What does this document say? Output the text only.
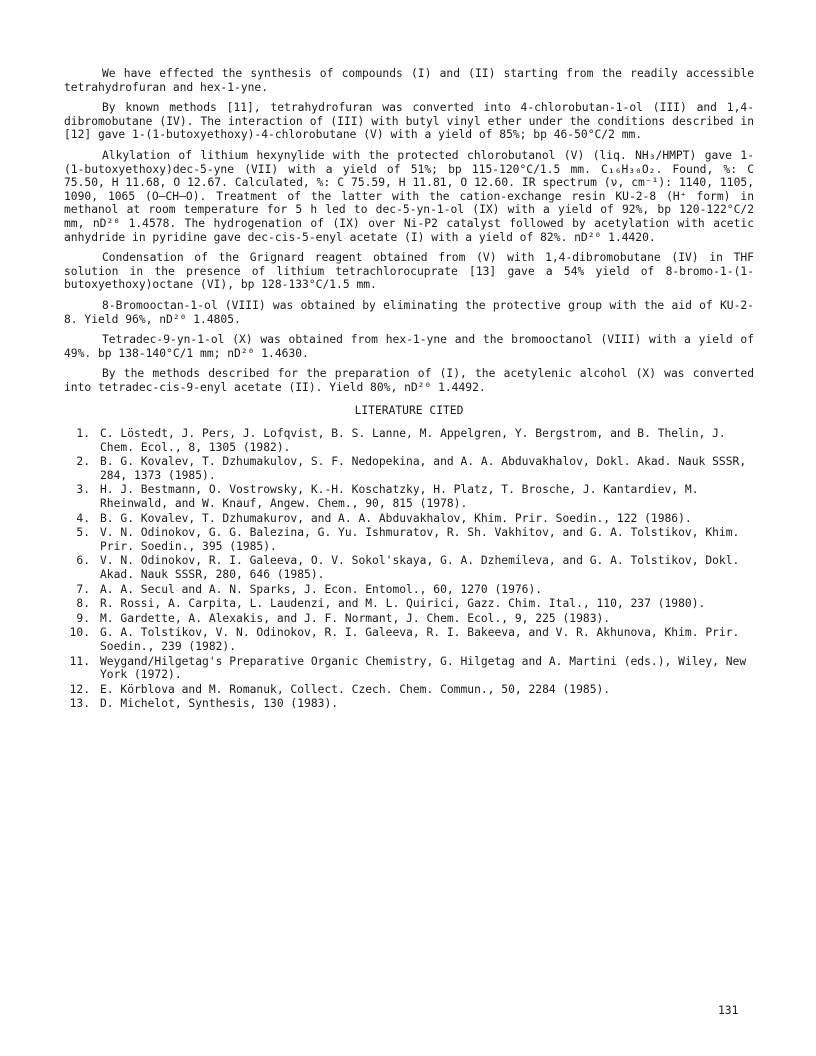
We have effected the synthesis of compounds (I) and (II) starting from the readily accessible tetrahydrofuran and hex-1-yne.

By known methods [11], tetrahydrofuran was converted into 4-chlorobutan-1-ol (III) and 1,4-dibromobutane (IV). The interaction of (III) with butyl vinyl ether under the conditions described in [12] gave 1-(1-butoxyethoxy)-4-chlorobutane (V) with a yield of 85%; bp 46-50°C/2 mm.

Alkylation of lithium hexynylide with the protected chlorobutanol (V) (liq. NH₃/HMPT) gave 1-(1-butoxyethoxy)dec-5-yne (VII) with a yield of 51%; bp 115-120°C/1.5 mm. C₁₆H₃₀O₂. Found, %: C 75.50, H 11.68, O 12.67. Calculated, %: C 75.59, H 11.81, O 12.60. IR spectrum (ν, cm⁻¹): 1140, 1105, 1090, 1065 (O–CH–O). Treatment of the latter with the cation-exchange resin KU-2-8 (H⁺ form) in methanol at room temperature for 5 h led to dec-5-yn-1-ol (IX) with a yield of 92%, bp 120-122°C/2 mm, nD²⁰ 1.4578. The hydrogenation of (IX) over Ni-P2 catalyst followed by acetylation with acetic anhydride in pyridine gave dec-cis-5-enyl acetate (I) with a yield of 82%. nD²⁰ 1.4420.

Condensation of the Grignard reagent obtained from (V) with 1,4-dibromobutane (IV) in THF solution in the presence of lithium tetrachlorocuprate [13] gave a 54% yield of 8-bromo-1-(1-butoxyethoxy)octane (VI), bp 128-133°C/1.5 mm.

8-Bromooctan-1-ol (VIII) was obtained by eliminating the protective group with the aid of KU-2-8. Yield 96%, nD²⁰ 1.4805.

Tetradec-9-yn-1-ol (X) was obtained from hex-1-yne and the bromooctanol (VIII) with a yield of 49%. bp 138-140°C/1 mm; nD²⁰ 1.4630.

By the methods described for the preparation of (I), the acetylenic alcohol (X) was converted into tetradec-cis-9-enyl acetate (II). Yield 80%, nD²⁰ 1.4492.

LITERATURE CITED
1. C. Löstedt, J. Pers, J. Lofqvist, B. S. Lanne, M. Appelgren, Y. Bergstrom, and B. Thelin, J. Chem. Ecol., 8, 1305 (1982).
2. B. G. Kovalev, T. Dzhumakulov, S. F. Nedopekina, and A. A. Abduvakhalov, Dokl. Akad. Nauk SSSR, 284, 1373 (1985).
3. H. J. Bestmann, O. Vostrowsky, K.-H. Koschatzky, H. Platz, T. Brosche, J. Kantardiev, M. Rheinwald, and W. Knauf, Angew. Chem., 90, 815 (1978).
4. B. G. Kovalev, T. Dzhumakurov, and A. A. Abduvakhalov, Khim. Prir. Soedin., 122 (1986).
5. V. N. Odinokov, G. G. Balezina, G. Yu. Ishmuratov, R. Sh. Vakhitov, and G. A. Tolstikov, Khim. Prir. Soedin., 395 (1985).
6. V. N. Odinokov, R. I. Galeeva, O. V. Sokol'skaya, G. A. Dzhemileva, and G. A. Tolstikov, Dokl. Akad. Nauk SSSR, 280, 646 (1985).
7. A. A. Secul and A. N. Sparks, J. Econ. Entomol., 60, 1270 (1976).
8. R. Rossi, A. Carpita, L. Laudenzi, and M. L. Quirici, Gazz. Chim. Ital., 110, 237 (1980).
9. M. Gardette, A. Alexakis, and J. F. Normant, J. Chem. Ecol., 9, 225 (1983).
10. G. A. Tolstikov, V. N. Odinokov, R. I. Galeeva, R. I. Bakeeva, and V. R. Akhunova, Khim. Prir. Soedin., 239 (1982).
11. Weygand/Hilgetag's Preparative Organic Chemistry, G. Hilgetag and A. Martini (eds.), Wiley, New York (1972).
12. E. Körblova and M. Romanuk, Collect. Czech. Chem. Commun., 50, 2284 (1985).
13. D. Michelot, Synthesis, 130 (1983).
131
